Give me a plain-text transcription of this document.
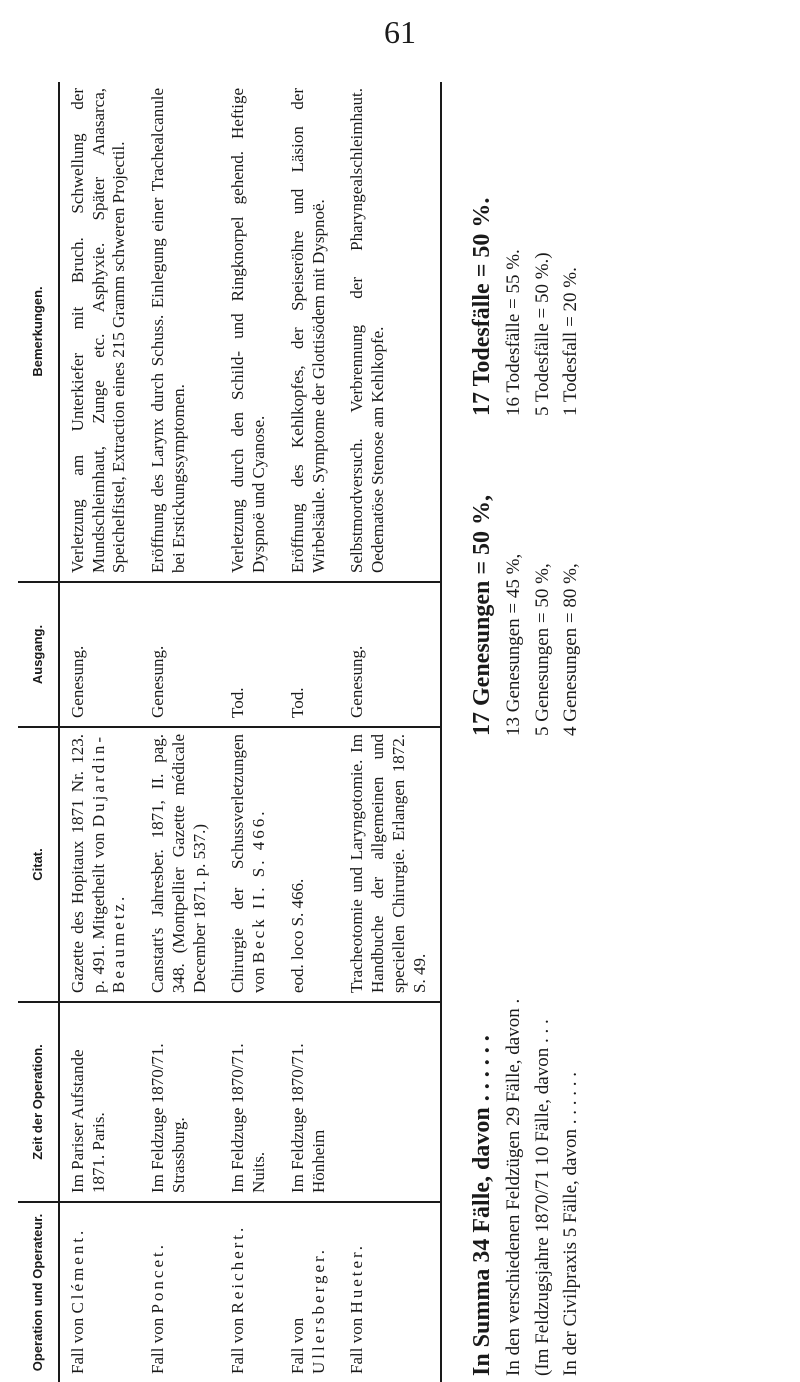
61
Operation und Operateur.	Zeit der Operation.	Citat.	Ausgang.	Bemerkungen.
Fall von Clément.	Im Pariser Aufstande 1871. Paris.	Gazette des Hopitaux 1871 Nr. 123. p. 491. Mitgetheilt von Dujardin-Beaumetz.	Genesung.	Verletzung am Unterkiefer mit Bruch. Schwellung der Mundschleimhaut, Zunge etc. Asphyxie. Später Anasarca, Speichelfistel, Extraction eines 215 Gramm schweren Projectil.
Fall von Poncet.	Im Feldzuge 1870/71. Strassburg.	Canstatt's Jahresber. 1871, II. pag. 348. (Montpellier Gazette médicale December 1871. p. 537.)	Genesung.	Eröffnung des Larynx durch Schuss. Einlegung einer Trachealcanule bei Erstickungssymptomen.
Fall von Reichert.	Im Feldzuge 1870/71. Nuits.	Chirurgie der Schussverletzungen von Beck II. S. 466.	Tod.	Verletzung durch den Schild- und Ringknorpel gehend. Heftige Dyspnoë und Cyanose.
Fall von Ullersberger.	Im Feldzuge 1870/71. Hönheim	eod. loco S. 466.	Tod.	Eröffnung des Kehlkopfes, der Speiseröhre und Läsion der Wirbelsäule. Symptome der Glottisödem mit Dyspnoë.
Fall von Hueter.		Tracheotomie und Laryngotomie. Im Handbuche der allgemeinen und speciellen Chirurgie. Erlangen 1872. S. 49.	Genesung.	Selbstmordversuch. Verbrennung der Pharyngealschleimhaut. Oedematöse Stenose am Kehlkopfe.
In Summa 34 Fälle, davon . . . . . .
17 Genesungen = 50 %,
17 Todesfälle = 50 %.
In den verschiedenen Feldzügen 29 Fälle, davon .
13 Genesungen = 45 %,
16 Todesfälle = 55 %.
(Im Feldzugsjahre 1870/71 10 Fälle, davon . . .
5 Genesungen = 50 %,
5 Todesfälle = 50 %.)
In der Civilpraxis 5 Fälle, davon . . . . . .
4 Genesungen = 80 %,
1 Todesfall = 20 %.
